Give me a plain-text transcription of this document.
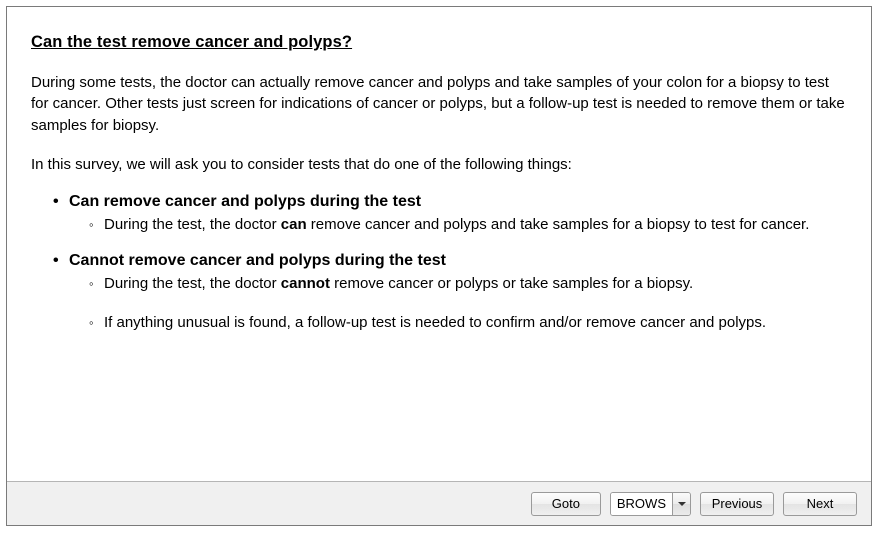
Can the test remove cancer and polyps?

During some tests, the doctor can actually remove cancer and polyps and take samples of your colon for a biopsy to test for cancer. Other tests just screen for indications of cancer or polyps, but a follow-up test is needed to remove them or take samples for biopsy.

In this survey, we will ask you to consider tests that do one of the following things:

• Can remove cancer and polyps during the test
◦ During the test, the doctor can remove cancer and polyps and take samples for a biopsy to test for cancer.
• Cannot remove cancer and polyps during the test
◦ During the test, the doctor cannot remove cancer or polyps or take samples for a biopsy.
◦ If anything unusual is found, a follow-up test is needed to confirm and/or remove cancer and polyps.
Goto	BROWS	Previous	Next
